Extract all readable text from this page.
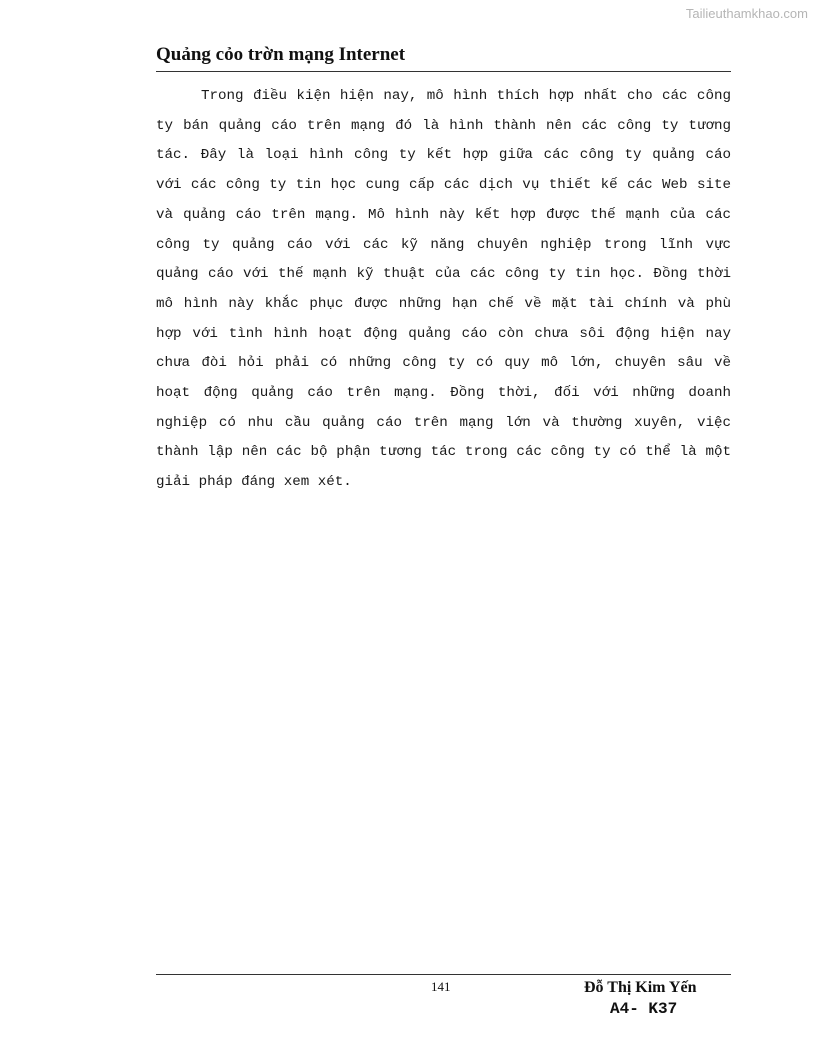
Tailieuthamkhao.com
Quảng cỏo trờn mạng Internet

Trong điều kiện hiện nay, mô hình thích hợp nhất cho các công ty bán quảng cáo trên mạng đó là hình thành nên các công ty tương tác. Đây là loại hình công ty kết hợp giữa các công ty quảng cáo với các công ty tin học cung cấp các dịch vụ thiết kế các Web site và quảng cáo trên mạng. Mô hình này kết hợp được thế mạnh của các công ty quảng cáo với các kỹ năng chuyên nghiệp trong lĩnh vực quảng cáo với thế mạnh kỹ thuật của các công ty tin học. Đồng thời mô hình này khắc phục được những hạn chế về mặt tài chính và phù hợp với tình hình hoạt động quảng cáo còn chưa sôi động hiện nay chưa đòi hỏi phải có những công ty có quy mô lớn, chuyên sâu về hoạt động quảng cáo trên mạng. Đồng thời, đối với những doanh nghiệp có nhu cầu quảng cáo trên mạng lớn và thường xuyên, việc thành lập nên các bộ phận tương tác trong các công ty có thể là một giải pháp đáng xem xét.

141	Đỗ Thị Kim Yến
A4- K37
